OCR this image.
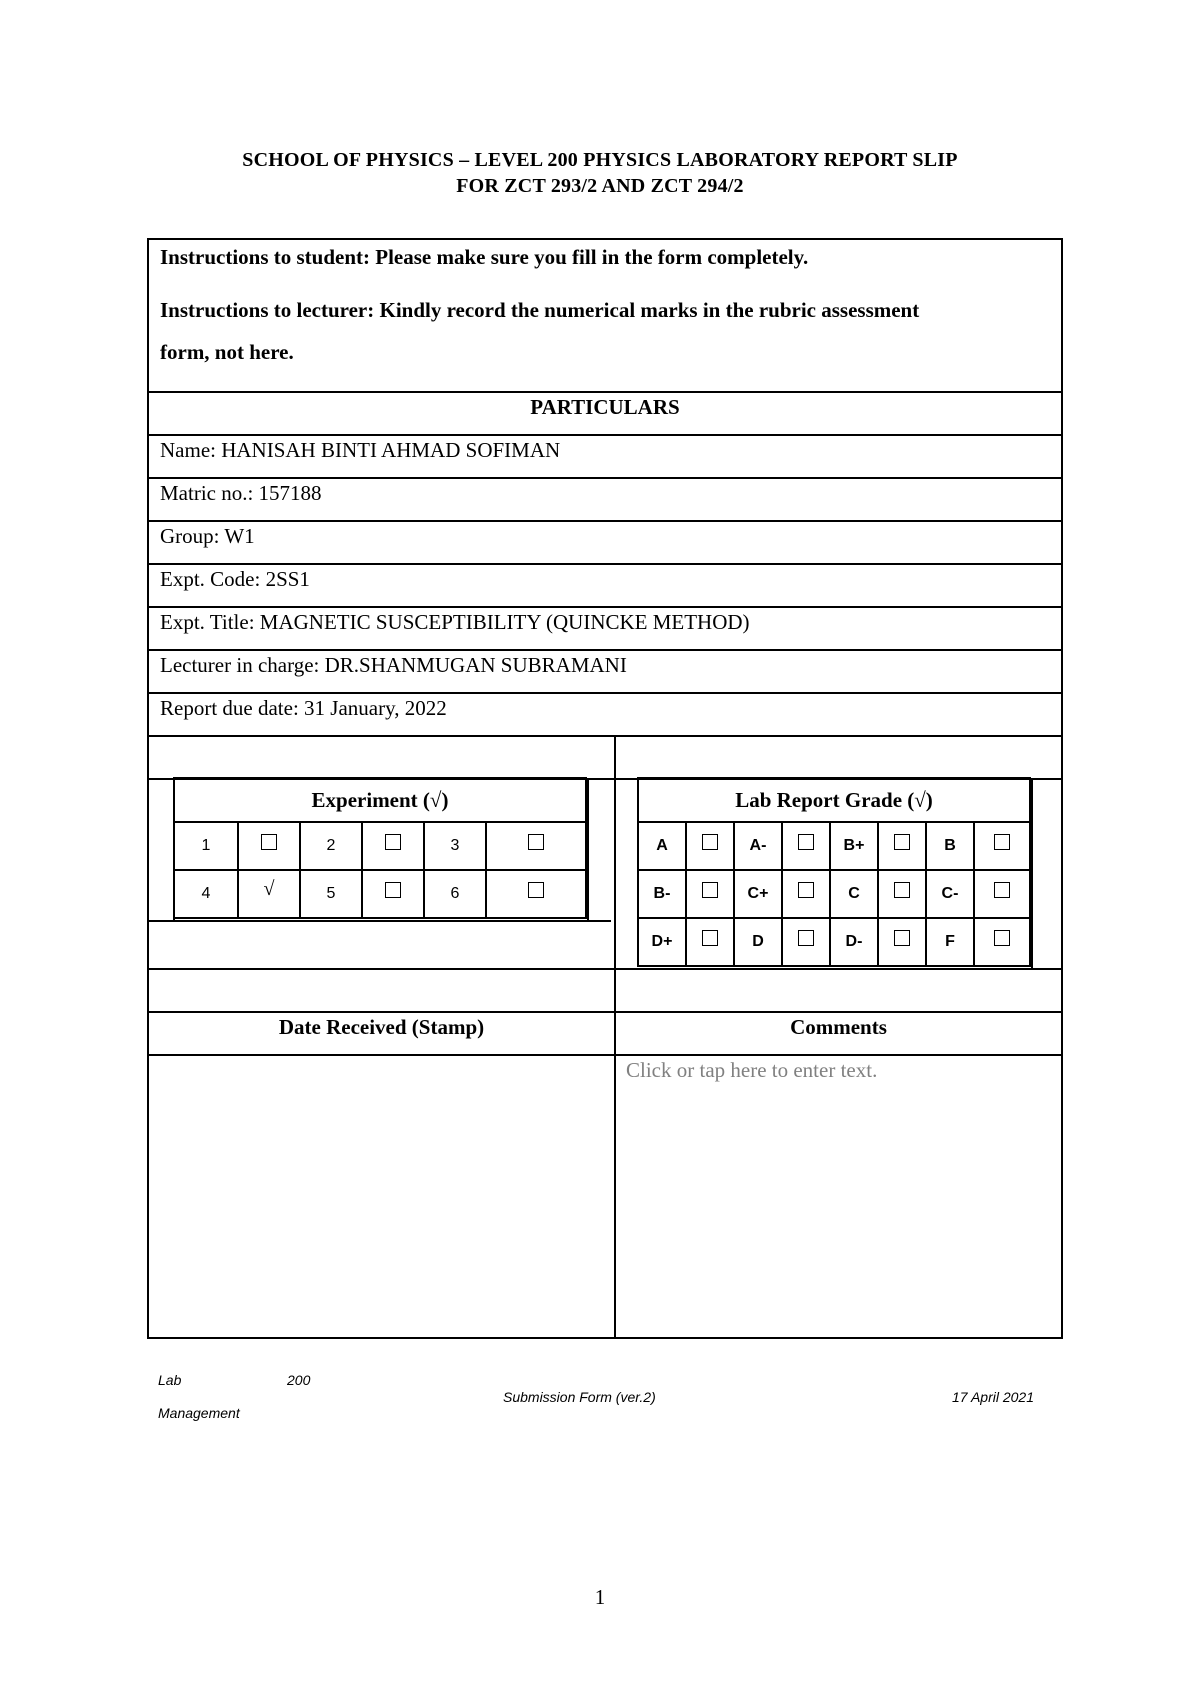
SCHOOL OF PHYSICS – LEVEL 200 PHYSICS LABORATORY REPORT SLIP
FOR ZCT 293/2 AND ZCT 294/2
Instructions to student: Please make sure you fill in the form completely.
Instructions to lecturer: Kindly record the numerical marks in the rubric assessment
form, not here.
PARTICULARS
Name: HANISAH BINTI AHMAD SOFIMAN
Matric no.: 157188
Group: W1
Expt. Code: 2SS1
Expt. Title: MAGNETIC SUSCEPTIBILITY (QUINCKE METHOD)
Lecturer in charge: DR.SHANMUGAN SUBRAMANI
Report due date: 31 January, 2022
Experiment (√)					
1		2		3	
4	√	5		6	
Lab Report Grade (√)							
A		A-		B+		B	
B-		C+		C		C-	
D+		D		D-		F	
Date Received (Stamp)	Comments
Click or tap here to enter text.
Lab	200
Management
Submission Form (ver.2)	17 April 2021
1
